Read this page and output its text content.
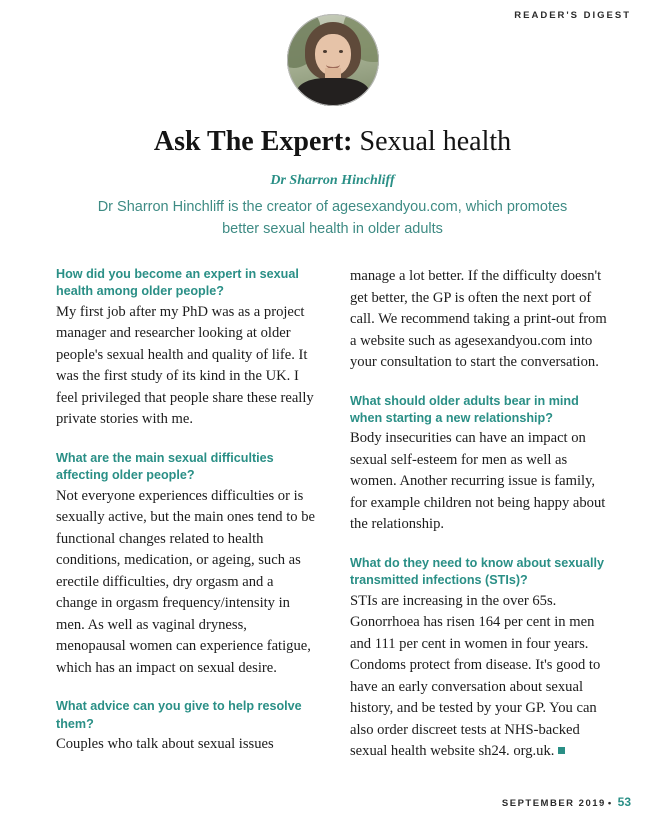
READER'S DIGEST
Ask The Expert: Sexual health
Dr Sharron Hinchliff
Dr Sharron Hinchliff is the creator of agesexandyou.com, which promotes better sexual health in older adults

How did you become an expert in sexual health among older people?

My first job after my PhD was as a project manager and researcher looking at older people's sexual health and quality of life. It was the first study of its kind in the UK. I feel privileged that people share these really private stories with me.

What are the main sexual difficulties affecting older people?

Not everyone experiences difficulties or is sexually active, but the main ones tend to be functional changes related to health conditions, medication, or ageing, such as erectile difficulties, dry orgasm and a change in orgasm frequency/intensity in men. As well as vaginal dryness, menopausal women can experience fatigue, which has an impact on sexual desire.

What advice can you give to help resolve them?

Couples who talk about sexual issues

manage a lot better. If the difficulty doesn't get better, the GP is often the next port of call. We recommend taking a print-out from a website such as agesexandyou.com into your consultation to start the conversation.

What should older adults bear in mind when starting a new relationship?

Body insecurities can have an impact on sexual self-esteem for men as well as women. Another recurring issue is family, for example children not being happy about the relationship.

What do they need to know about sexually transmitted infections (STIs)?

STIs are increasing in the over 65s. Gonorrhoea has risen 164 per cent in men and 111 per cent in women in four years. Condoms protect from disease. It's good to have an early conversation about sexual history, and be tested by your GP. You can also order discreet tests at NHS-backed sexual health website sh24. org.uk.

SEPTEMBER 2019 • 53
